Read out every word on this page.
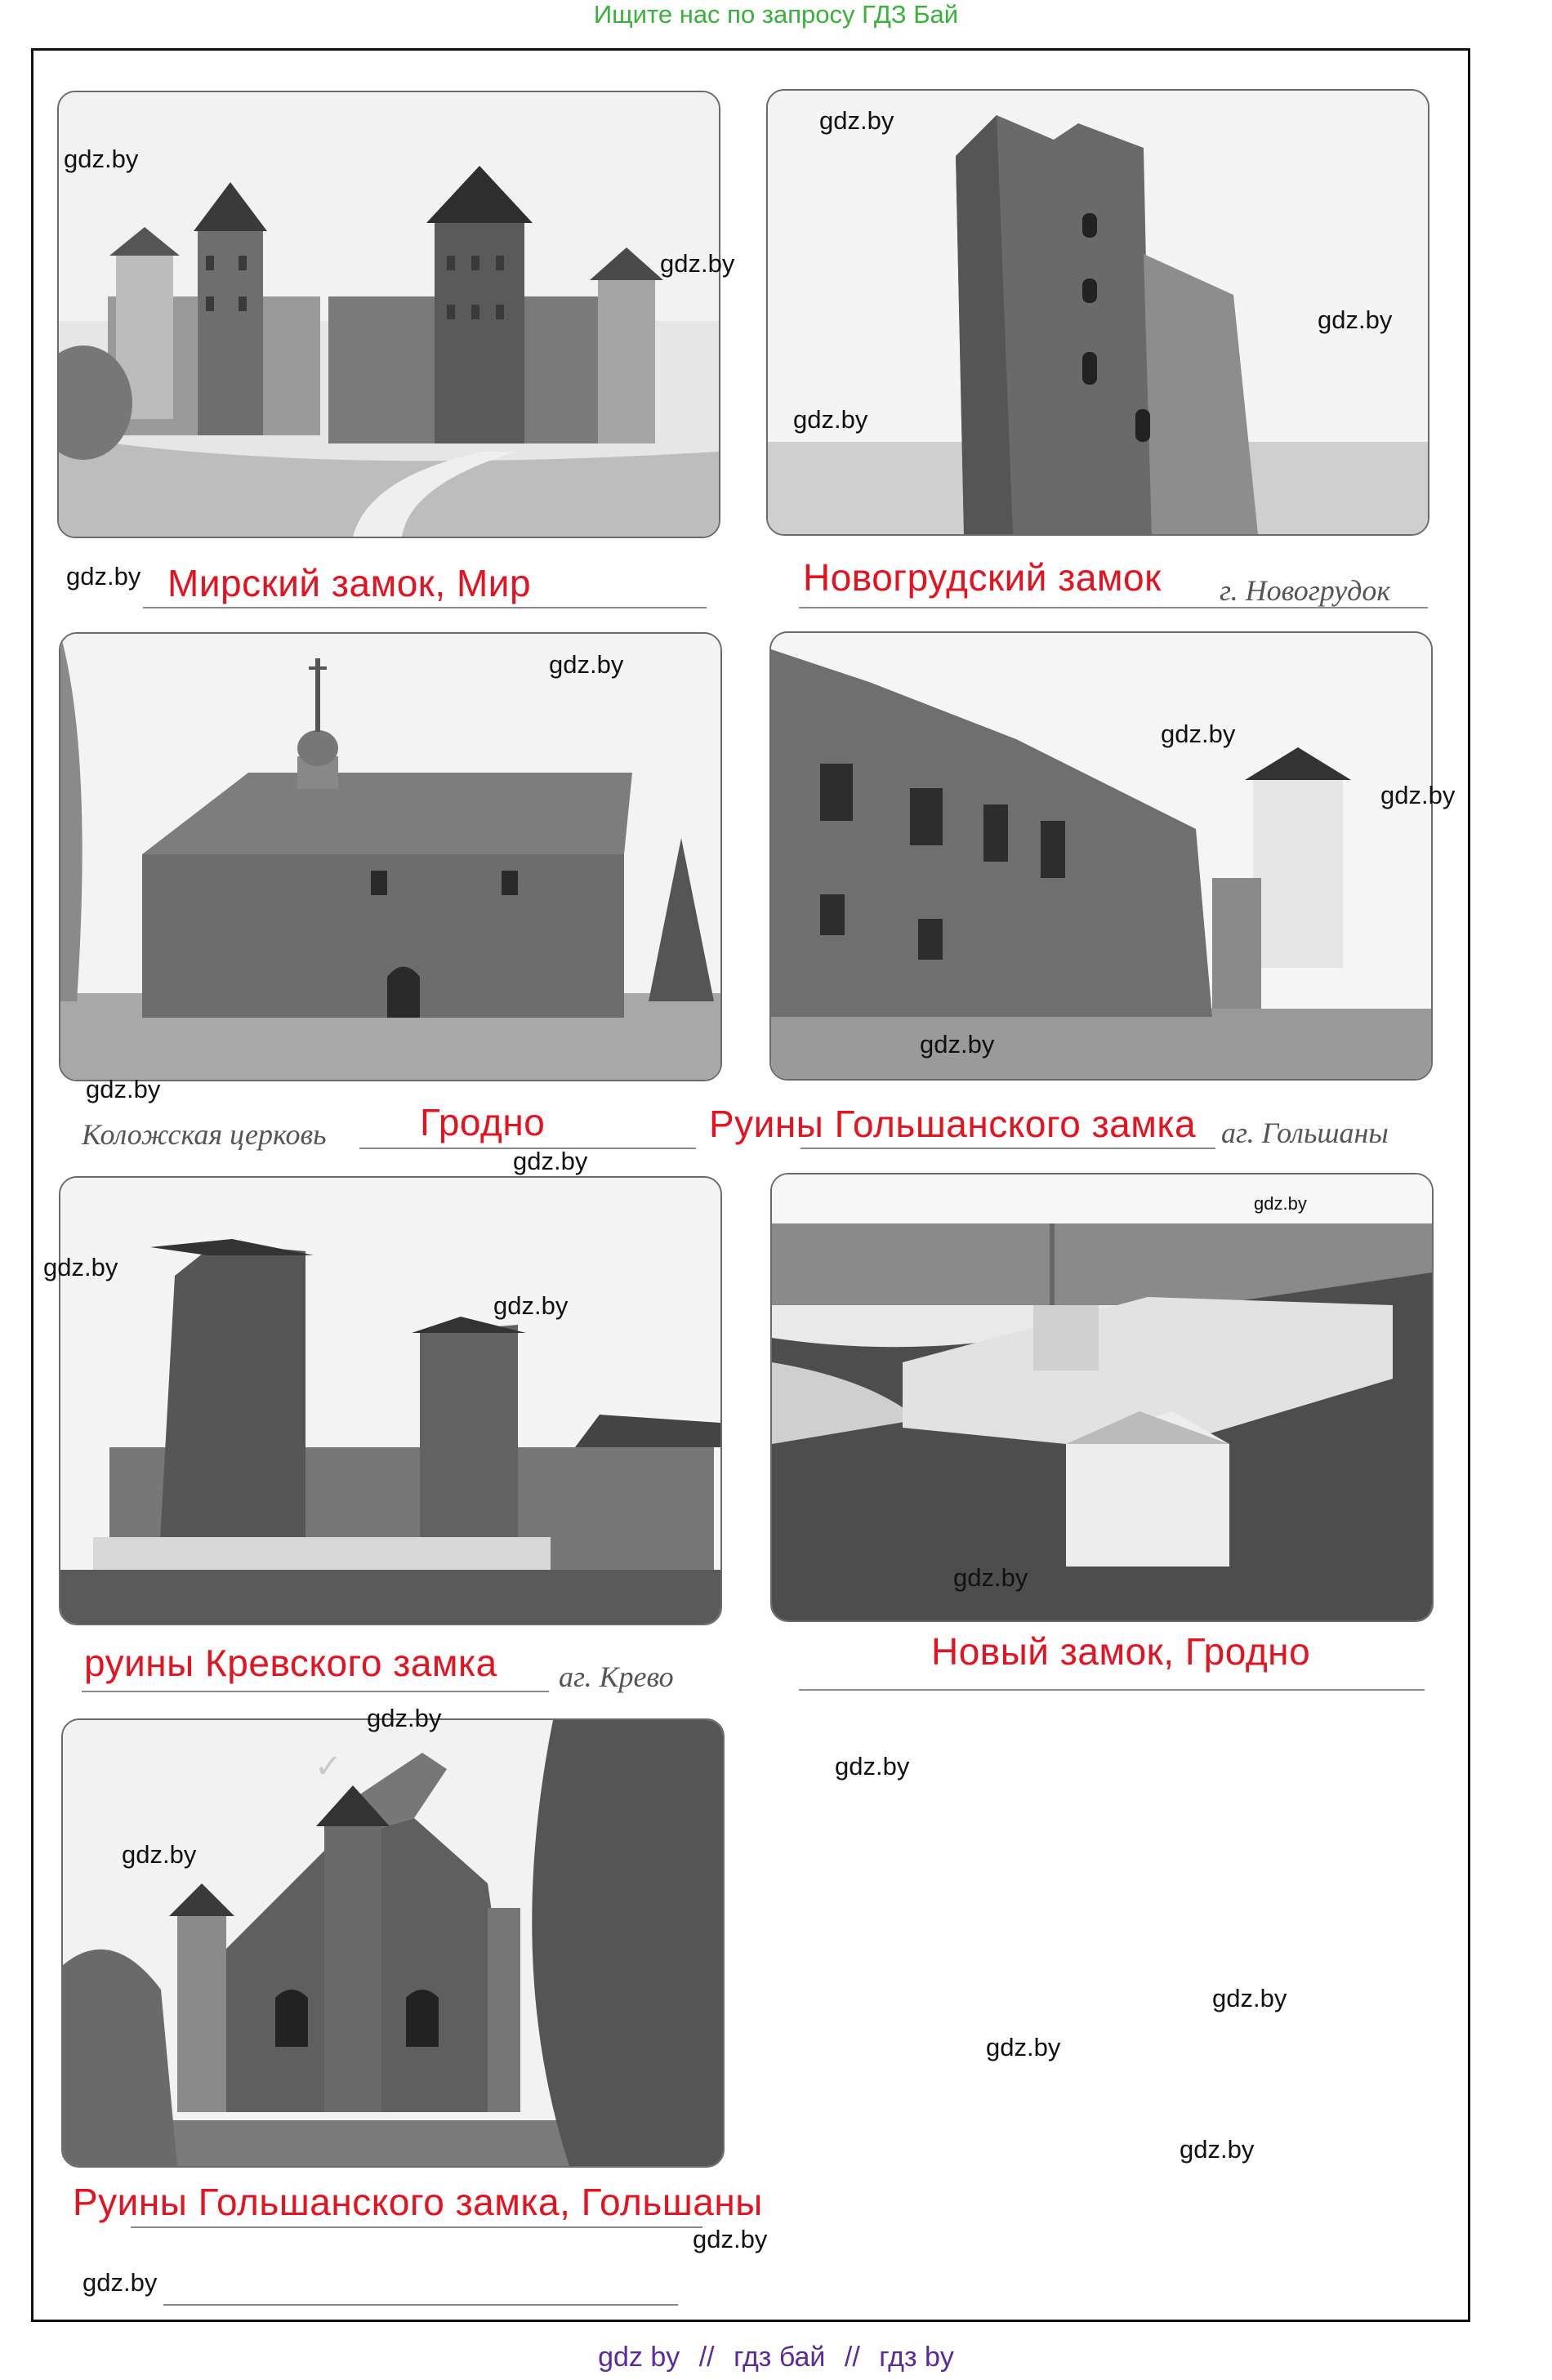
Ищите нас по запросу ГДЗ Бай
Мирский замок, Мир	Новогрудский замок г. Новогрудок
Коложская церковь Гродно	Руины Гольшанского замка аг. Гольшаны
руины Кревского замка аг. Крево
Новый замок, Гродно
Руины Гольшанского замка, Гольшаны
✓
gdz.by
gdz.by
gdz.by
gdz.by
gdz.by
gdz.by
gdz.by
gdz.by
gdz.by
gdz.by
gdz.by
gdz.by
gdz.by
gdz.by
gdz.by
gdz.by
gdz.by
gdz.by
gdz.by
gdz.by
gdz.by
gdz.by
gdz.by
gdz.by
gdz by // гдз бай // гдз by
